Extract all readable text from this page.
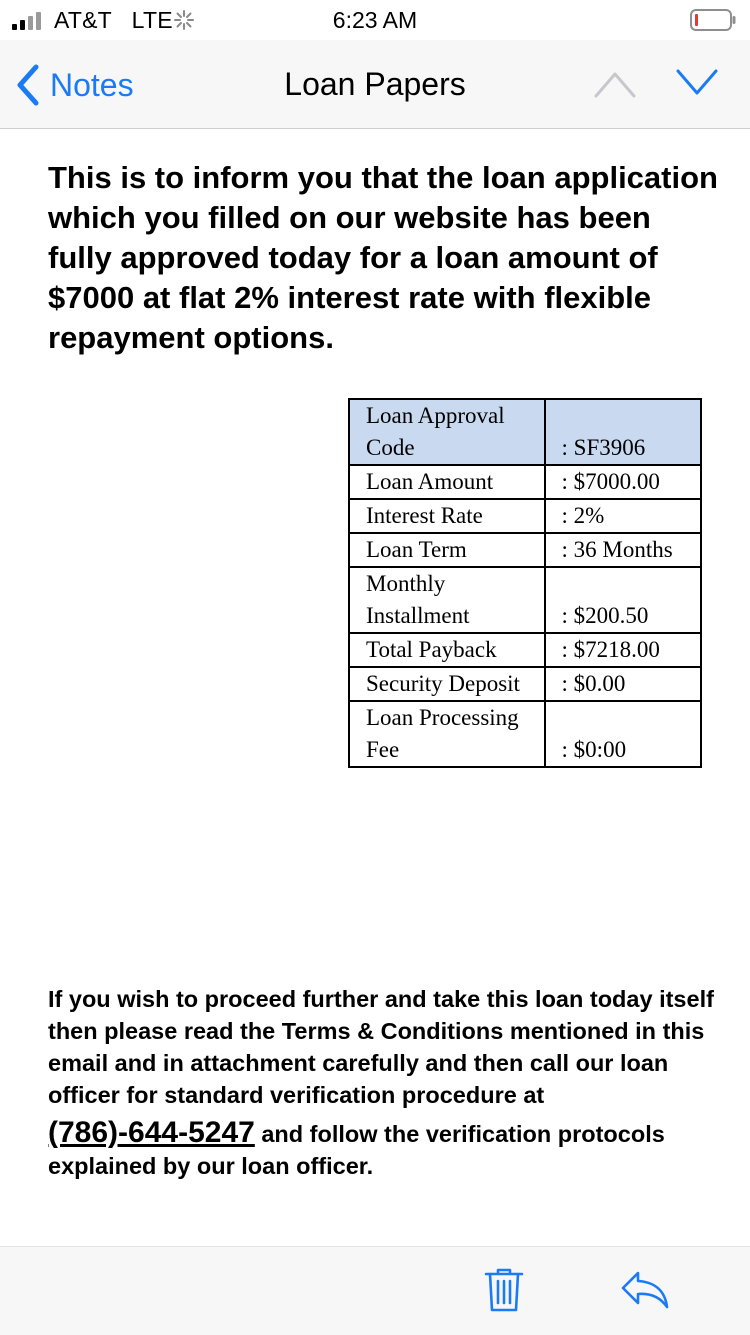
AT&T LTE	6:23 AM
Notes	Loan Papers

This is to inform you that the loan application which you filled on our website has been fully approved today for a loan amount of $7000 at flat 2% interest rate with flexible repayment options.

Loan Approval Code	: SF3906
Loan Amount	: $7000.00
Interest Rate	: 2%
Loan Term	: 36 Months
Monthly Installment	: $200.50
Total Payback	: $7218.00
Security Deposit	: $0.00
Loan Processing Fee	: $0:00

If you wish to proceed further and take this loan today itself then please read the Terms & Conditions mentioned in this email and in attachment carefully and then call our loan officer for standard verification procedure at
(786)-644-5247 and follow the verification protocols explained by our loan officer.
